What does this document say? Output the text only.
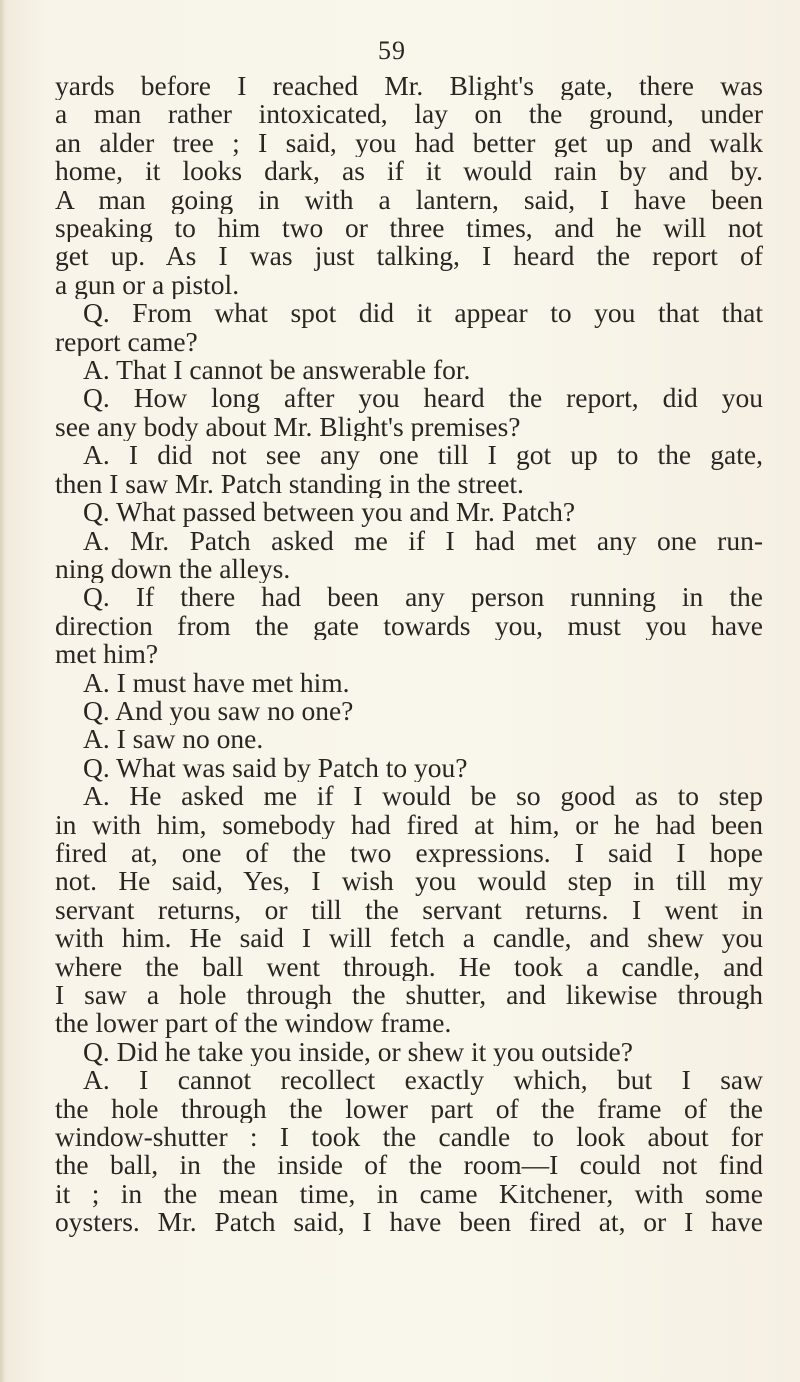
59
yards before I reached Mr. Blight's gate, there was
a man rather intoxicated, lay on the ground, under
an alder tree ; I said, you had better get up and walk
home, it looks dark, as if it would rain by and by.
A man going in with a lantern, said, I have been
speaking to him two or three times, and he will not
get up. As I was just talking, I heard the report of
a gun or a pistol.
Q. From what spot did it appear to you that that
report came?
A. That I cannot be answerable for.
Q. How long after you heard the report, did you
see any body about Mr. Blight's premises?
A. I did not see any one till I got up to the gate,
then I saw Mr. Patch standing in the street.
Q. What passed between you and Mr. Patch?
A. Mr. Patch asked me if I had met any one run-
ning down the alleys.
Q. If there had been any person running in the
direction from the gate towards you, must you have
met him?
A. I must have met him.
Q. And you saw no one?
A. I saw no one.
Q. What was said by Patch to you?
A. He asked me if I would be so good as to step
in with him, somebody had fired at him, or he had been
fired at, one of the two expressions. I said I hope
not. He said, Yes, I wish you would step in till my
servant returns, or till the servant returns. I went in
with him. He said I will fetch a candle, and shew you
where the ball went through. He took a candle, and
I saw a hole through the shutter, and likewise through
the lower part of the window frame.
Q. Did he take you inside, or shew it you outside?
A. I cannot recollect exactly which, but I saw
the hole through the lower part of the frame of the
window-shutter : I took the candle to look about for
the ball, in the inside of the room—I could not find
it ; in the mean time, in came Kitchener, with some
oysters. Mr. Patch said, I have been fired at, or I have
